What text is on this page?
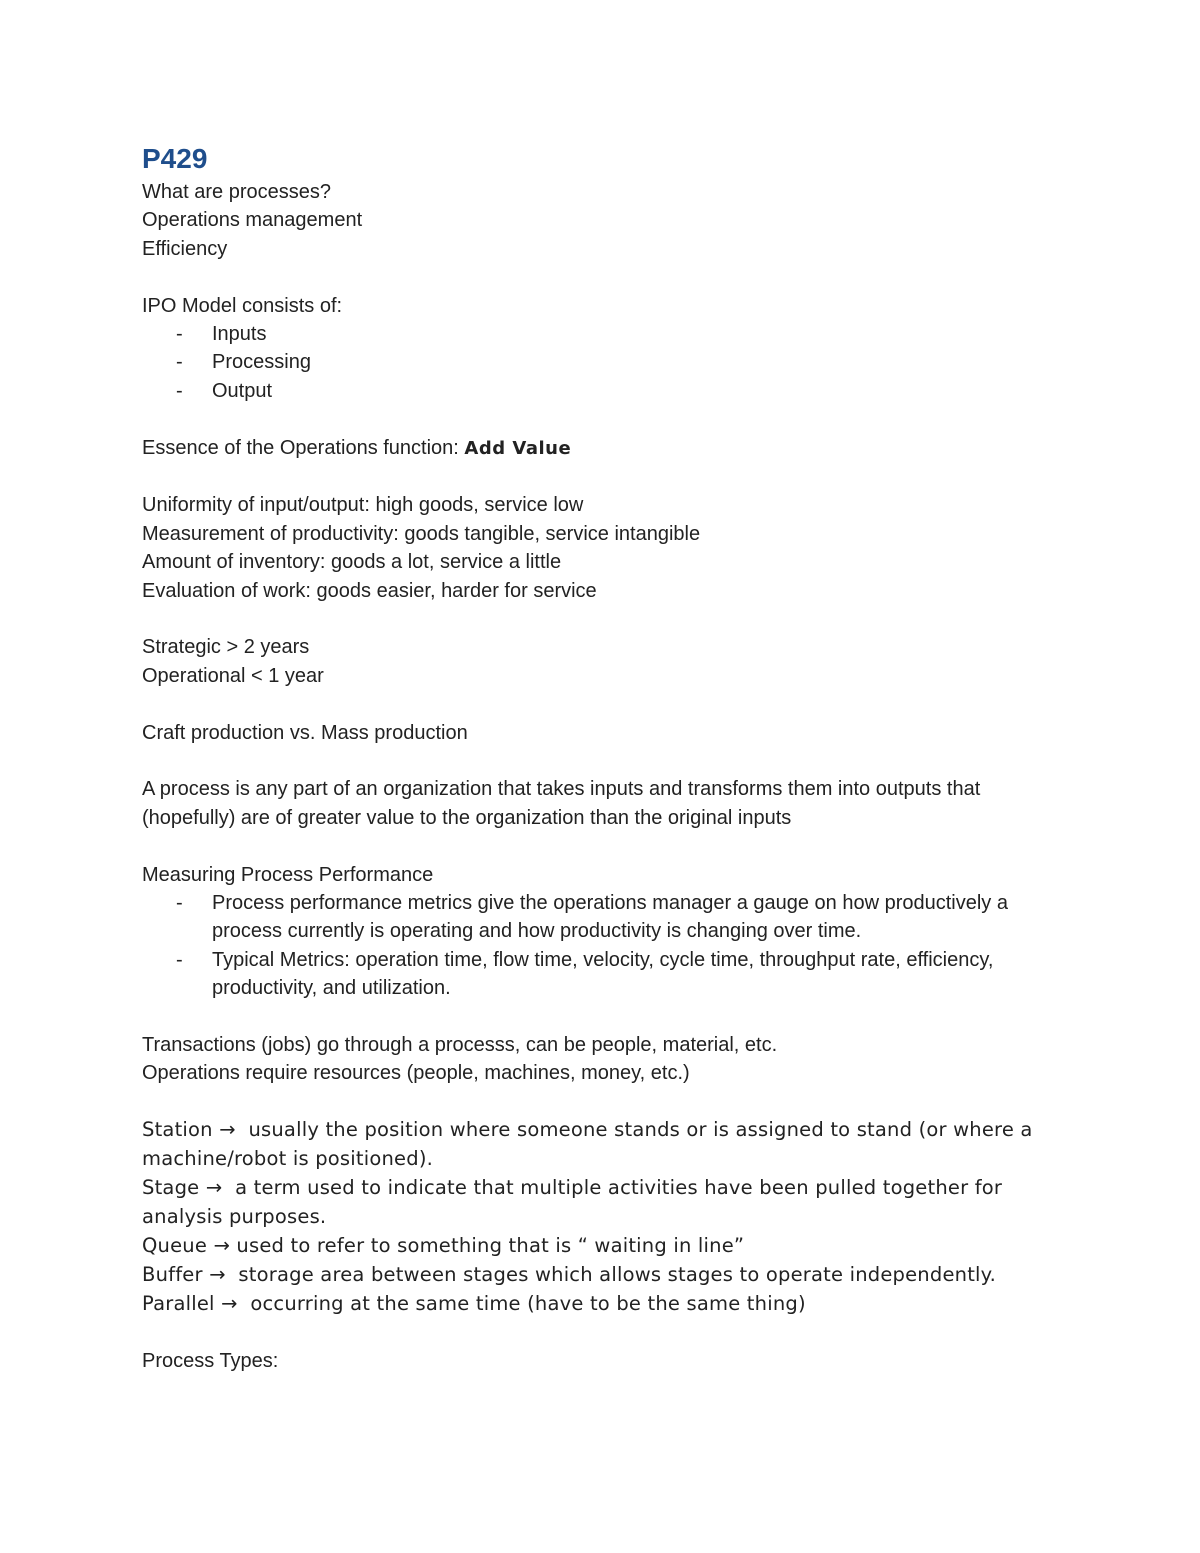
P429

What are processes?

Operations management

Efficiency

IPO Model consists of:

- Inputs
- Processing
- Output

Essence of the Operations function: Add Value

Uniformity of input/output: high goods, service low

Measurement of productivity: goods tangible, service intangible

Amount of inventory: goods a lot, service a little

Evaluation of work: goods easier, harder for service

Strategic > 2 years

Operational < 1 year

Craft production vs. Mass production

A process is any part of an organization that takes inputs and transforms them into outputs that (hopefully) are of greater value to the organization than the original inputs

Measuring Process Performance

- Process performance metrics give the operations manager a gauge on how productively a process currently is operating and how productivity is changing over time.
- Typical Metrics: operation time, flow time, velocity, cycle time, throughput rate, efficiency, productivity, and utilization.

Transactions (jobs) go through a processs, can be people, material, etc.

Operations require resources (people, machines, money, etc.)

Station →  usually the position where someone stands or is assigned to stand (or where a machine/robot is positioned).

Stage →  a term used to indicate that multiple activities have been pulled together for analysis purposes.

Queue → used to refer to something that is “ waiting in line”

Buffer →  storage area between stages which allows stages to operate independently.

Parallel →  occurring at the same time (have to be the same thing)

Process Types:
